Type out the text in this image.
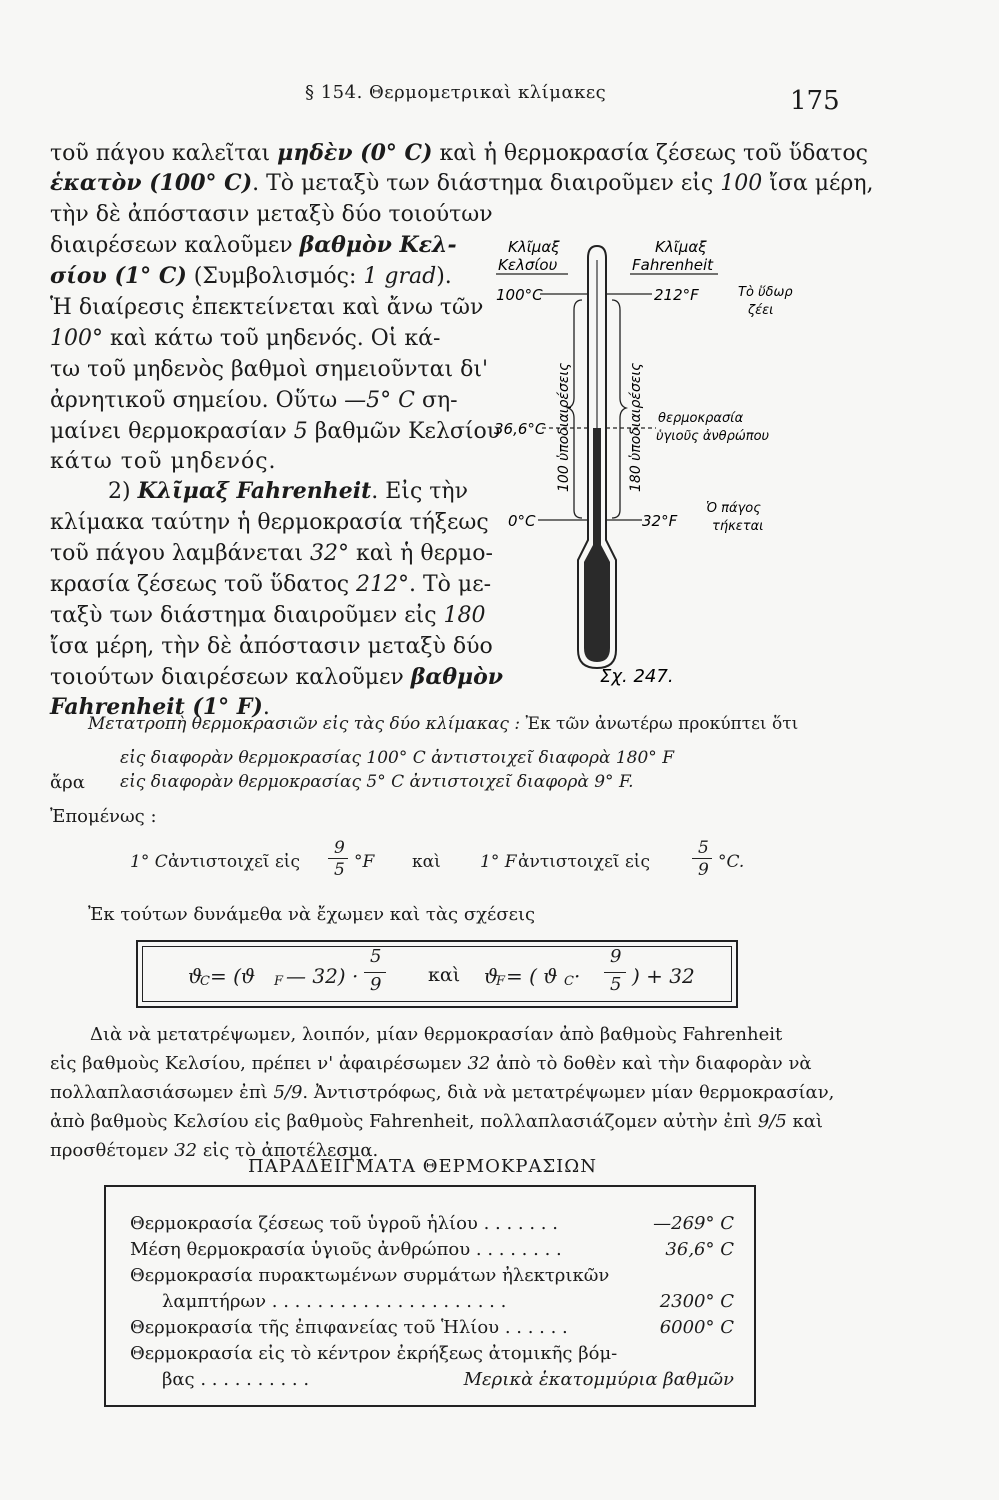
§ 154. Θερμομετρικαὶ κλίμακες	175
τοῦ πάγου καλεῖται μηδὲν (0° C) καὶ ἡ θερμοκρασία ζέσεως τοῦ ὕδατος
ἑκατὸν (100° C). Τὸ μεταξὺ των διάστημα διαιροῦμεν εἰς 100 ἴσα μέρη,
τὴν δὲ ἀπόστασιν μεταξὺ δύο τοιούτων
διαιρέσεων καλοῦμεν βαθμὸν Κελ-
σίου (1° C) (Συμβολισμός: 1 grad).
Ἡ διαίρεσις ἐπεκτείνεται καὶ ἄνω τῶν
100° καὶ κάτω τοῦ μηδενός. Οἱ κά-
τω τοῦ μηδενὸς βαθμοὶ σημειοῦνται δι'
ἀρνητικοῦ σημείου. Οὕτω —5° C ση-
μαίνει θερμοκρασίαν 5 βαθμῶν Κελσίου
κάτω τοῦ μηδενός.
2) Κλῖμαξ Fahrenheit. Εἰς τὴν
κλίμακα ταύτην ἡ θερμοκρασία τήξεως
τοῦ πάγου λαμβάνεται 32° καὶ ἡ θερμο-
κρασία ζέσεως τοῦ ὕδατος 212°. Τὸ με-
ταξὺ των διάστημα διαιροῦμεν εἰς 180
ἴσα μέρη, τὴν δὲ ἀπόστασιν μεταξὺ δύο
τοιούτων διαιρέσεων καλοῦμεν βαθμὸν
Fahrenheit (1° F).
Κλῖμαξ
Κελσίου
Κλῖμαξ
Fahrenheit
100°C	212°F	Τὸ ὕδωρ
ζέει
36,6°C
θερμοκρασία
ὑγιοῦς ἀνθρώπου
0°C	32°F
Ὁ πάγος
τήκεται
100 ὑποδιαιρέσεις	180 ὑποδιαιρέσεις
Σχ. 247.
Μετατροπὴ θερμοκρασιῶν εἰς τὰς δύο κλίμακας : Ἐκ τῶν ἀνωτέρω προκύπτει ὅτι
εἰς διαφορὰν θερμοκρασίας 100° C ἀντιστοιχεῖ διαφορὰ 180° F
ἄρα εἰς διαφορὰν θερμοκρασίας 5° C ἀντιστοιχεῖ διαφορὰ 9° F.
Ἐπομένως :
1° C ἀντιστοιχεῖ εἰς
9
5 °F καὶ 1° F ἀντιστοιχεῖ εἰς
5
9 °C.
Ἐκ τούτων δυνάμεθα νὰ ἔχωμεν καὶ τὰς σχέσεις
ϑ
C = (ϑ F — 32) ·
5
9 καὶ ϑ
F = ( ϑ C ·
9
5 ) + 32
Διὰ νὰ μετατρέψωμεν, λοιπόν, μίαν θερμοκρασίαν ἀπὸ βαθμοὺς Fahrenheit
εἰς βαθμοὺς Κελσίου, πρέπει ν' ἀφαιρέσωμεν 32 ἀπὸ τὸ δοθὲν καὶ τὴν διαφορὰν νὰ
πολλαπλασιάσωμεν ἐπὶ 5/9. Ἀντιστρόφως, διὰ νὰ μετατρέψωμεν μίαν θερμοκρασίαν,
ἀπὸ βαθμοὺς Κελσίου εἰς βαθμοὺς Fahrenheit, πολλαπλασιάζομεν αὐτὴν ἐπὶ 9/5 καὶ
προσθέτομεν 32 εἰς τὸ ἀποτέλεσμα.
ΠΑΡΑΔΕΙΓΜΑΤΑ ΘΕΡΜΟΚΡΑΣΙΩΝ
Θερμοκρασία ζέσεως τοῦ ὑγροῦ ἡλίου . . . . . . .	—269° C
Μέση θερμοκρασία ὑγιοῦς ἀνθρώπου . . . . . . . .	36,6° C
Θερμοκρασία πυρακτωμένων συρμάτων ἠλεκτρικῶν
λαμπτήρων . . . . . . . . . . . . . . . . . . . . .	2300° C
Θερμοκρασία τῆς ἐπιφανείας τοῦ Ἡλίου . . . . . .	6000° C
Θερμοκρασία εἰς τὸ κέντρον ἐκρήξεως ἀτομικῆς βόμ-
βας . . . . . . . . . .	Μερικὰ ἑκατομμύρια βαθμῶν
